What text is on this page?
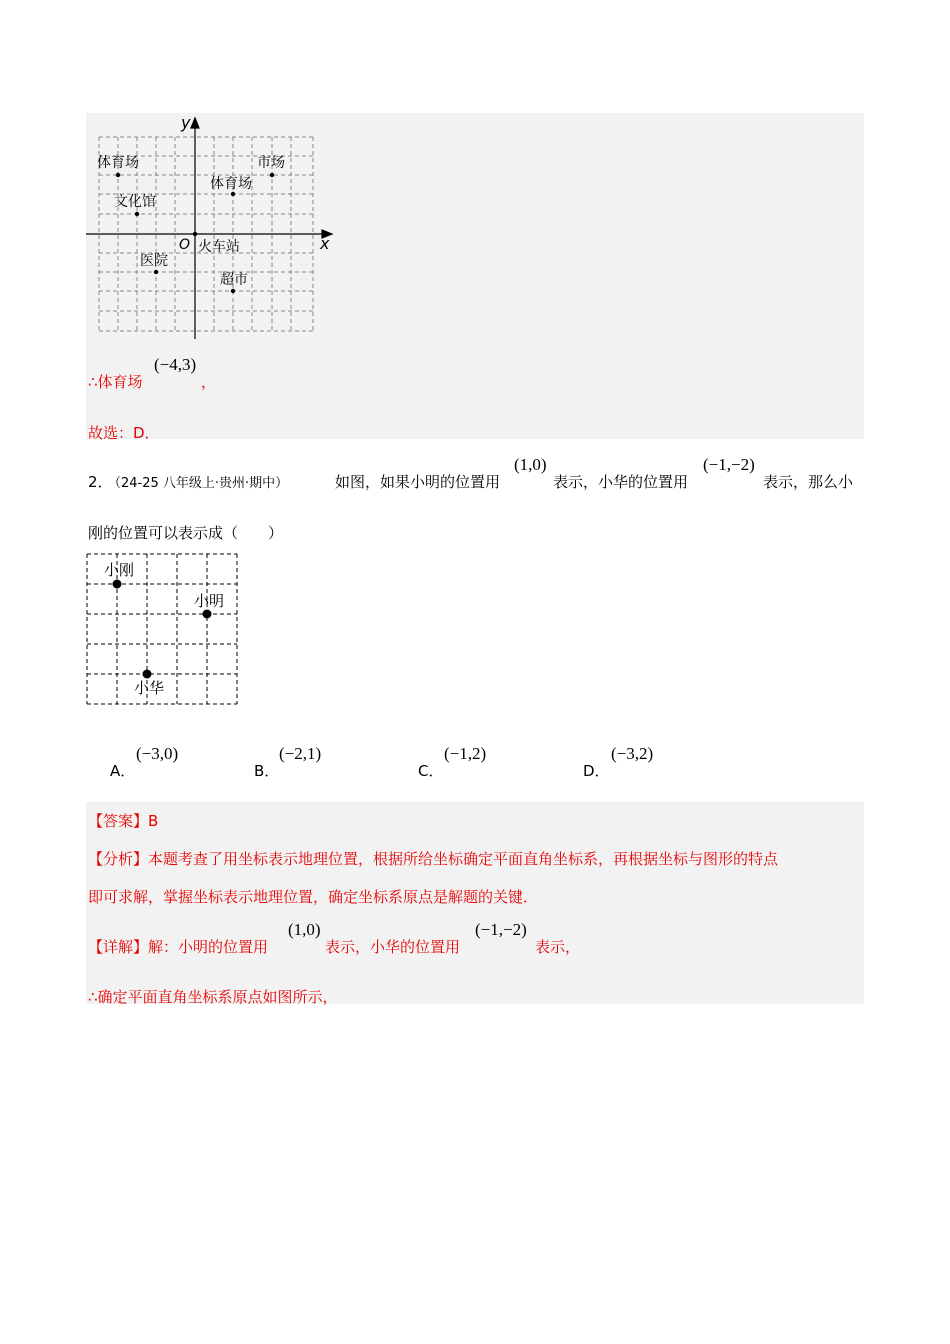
x
y
O
体育场	市场
体育场
文化馆
火车站
医院
超市
∴体育场
(−4,3)
，
故选：D．
2．
（24-25 八年级上·贵州·期中）	如图，如果小明的位置用
(1,0)
表示，小华的位置用
(−1,−2)
表示，那么小
刚的位置可以表示成（　　）
小刚
小明
小华
A．
(−3,0)
B．
(−2,1)
C．
(−1,2)
D．
(−3,2)
【答案】B
【分析】本题考查了用坐标表示地理位置，根据所给坐标确定平面直角坐标系，再根据坐标与图形的特点
即可求解，掌握坐标表示地理位置，确定坐标系原点是解题的关键．
【详解】解：小明的位置用
(1,0)
表示，小华的位置用
(−1,−2)
表示，
∴确定平面直角坐标系原点如图所示，
